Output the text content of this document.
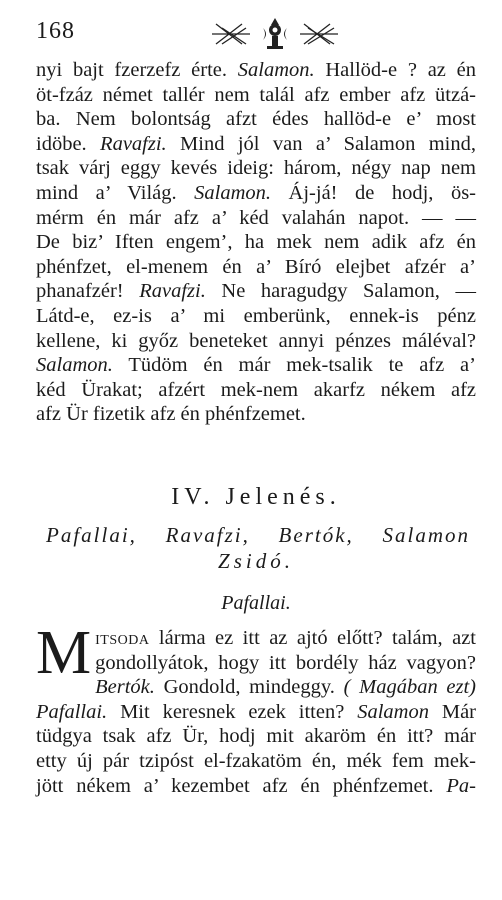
168
nyi bajt fzerzefz érte. Salamon. Hallöd-e ? az én
öt-fzáz német tallér nem talál afz ember afz ützá-
ba. Nem bolontság afzt édes hallöd-e e’ most
idöbe. Ravafzi. Mind jól van a’ Salamon mind,
tsak várj eggy kevés ideig: három, négy nap nem
mind a’ Világ. Salamon. Áj-já! de hodj, ös-
mérm én már afz a’ kéd valahán napot. — —
De biz’ Iften engem’, ha mek nem adik afz én
phénfzet, el-menem én a’ Bíró elejbet afzér a’
phanafzér! Ravafzi. Ne haragudgy Salamon, —
Látd-e, ez-is a’ mi emberünk, ennek-is pénz
kellene, ki győz beneteket annyi pénzes máléval?
Salamon. Tüdöm én már mek-tsalik te afz a’
kéd Ürakat; afzért mek-nem akarfz nékem afz
afz Ür fizetik afz én phénfzemet.
IV. Jelenés.
Pafallai, Ravafzi, Bertók, Salamon
Zsidó.
Pafallai.
M ITSODA lárma ez itt az ajtó előtt? talám, azt
gondollyátok, hogy itt bordély ház vagyon?
Bertók. Gondold, mindeggy. ( Magában ezt)
Pafallai. Mit keresnek ezek itten? Salamon Már
tüdgya tsak afz Ür, hodj mit akaröm én itt? már
etty új pár tzipóst el-fzakatöm én, mék fem mek-
jött nékem a’ kezembet afz én phénfzemet. Pa-
